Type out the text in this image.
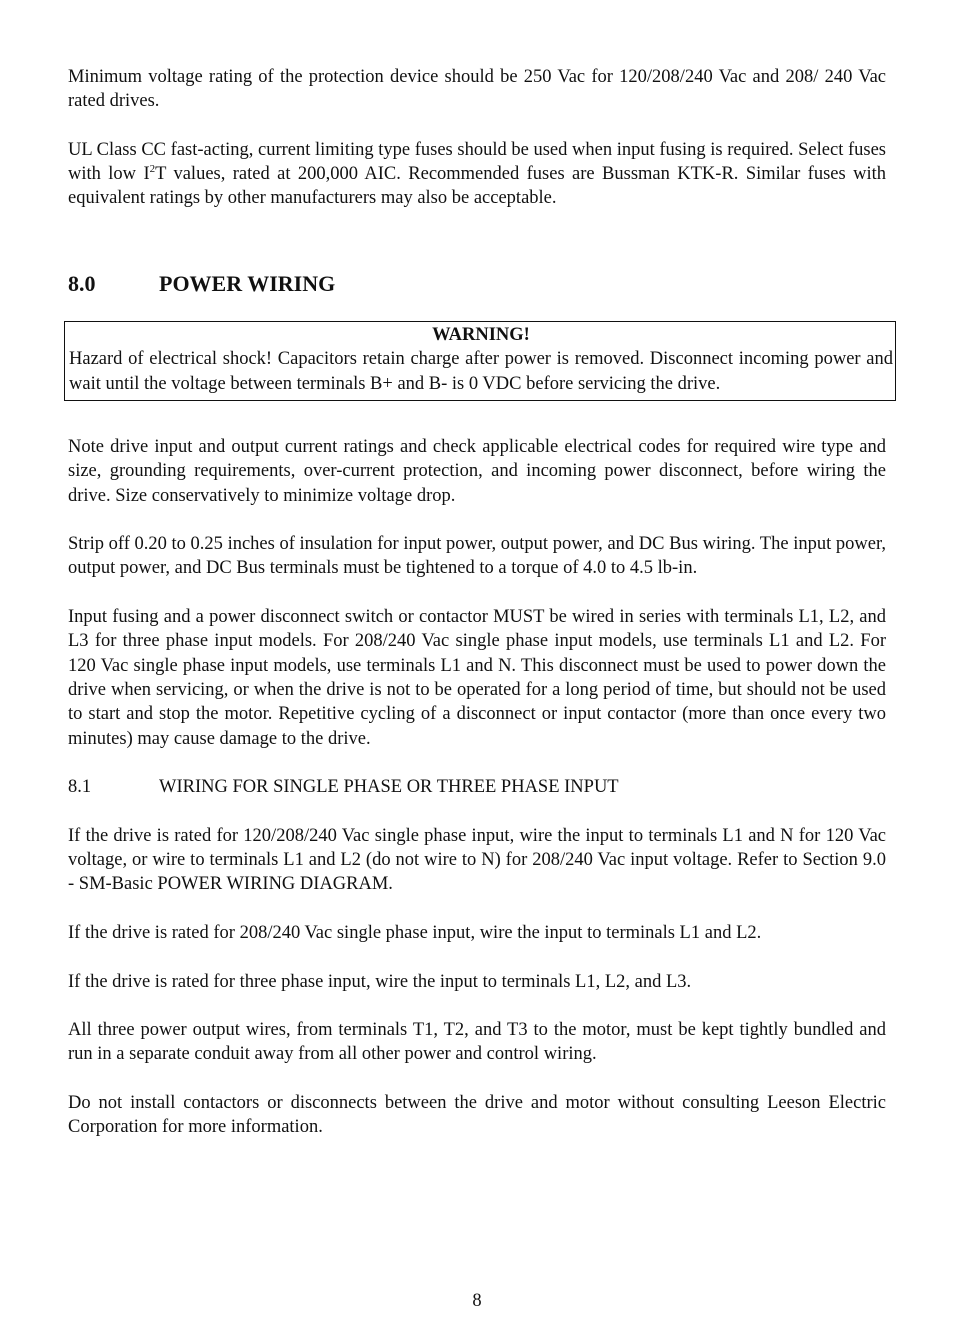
Minimum voltage rating of the protection device should be 250 Vac for 120/208/240 Vac and 208/ 240 Vac rated drives.

UL Class CC fast-acting, current limiting type fuses should be used when input fusing is required. Select fuses with low $I^2T$ values, rated at 200,000 AIC. Recommended fuses are Bussman KTK-R. Similar fuses with equivalent ratings by other manufacturers may also be acceptable.

8.0	POWER WIRING
WARNING!

Hazard of electrical shock! Capacitors retain charge after power is removed. Disconnect incoming power and wait until the voltage between terminals B+ and B- is 0 VDC before servicing the drive.

Note drive input and output current ratings and check applicable electrical codes for required wire type and size, grounding requirements, over-current protection, and incoming power disconnect, before wiring the drive. Size conservatively to minimize voltage drop.

Strip off 0.20 to 0.25 inches of insulation for input power, output power, and DC Bus wiring. The input power, output power, and DC Bus terminals must be tightened to a torque of 4.0 to 4.5 lb-in.

Input fusing and a power disconnect switch or contactor MUST be wired in series with terminals L1, L2, and L3 for three phase input models. For 208/240 Vac single phase input models, use terminals L1 and L2. For 120 Vac single phase input models, use terminals L1 and N. This disconnect must be used to power down the drive when servicing, or when the drive is not to be operated for a long period of time, but should not be used to start and stop the motor. Repetitive cycling of a disconnect or input contactor (more than once every two minutes) may cause damage to the drive.

8.1	WIRING FOR SINGLE PHASE OR THREE PHASE INPUT

If the drive is rated for 120/208/240 Vac single phase input, wire the input to terminals L1 and N for 120 Vac voltage, or wire to terminals L1 and L2 (do not wire to N) for 208/240 Vac input voltage. Refer to Section 9.0 - SM-Basic POWER WIRING DIAGRAM.

If the drive is rated for 208/240 Vac single phase input, wire the input to terminals L1 and L2.

If the drive is rated for three phase input, wire the input to terminals L1, L2, and L3.

All three power output wires, from terminals T1, T2, and T3 to the motor, must be kept tightly bundled and run in a separate conduit away from all other power and control wiring.

Do not install contactors or disconnects between the drive and motor without consulting Leeson Electric Corporation for more information.

8
